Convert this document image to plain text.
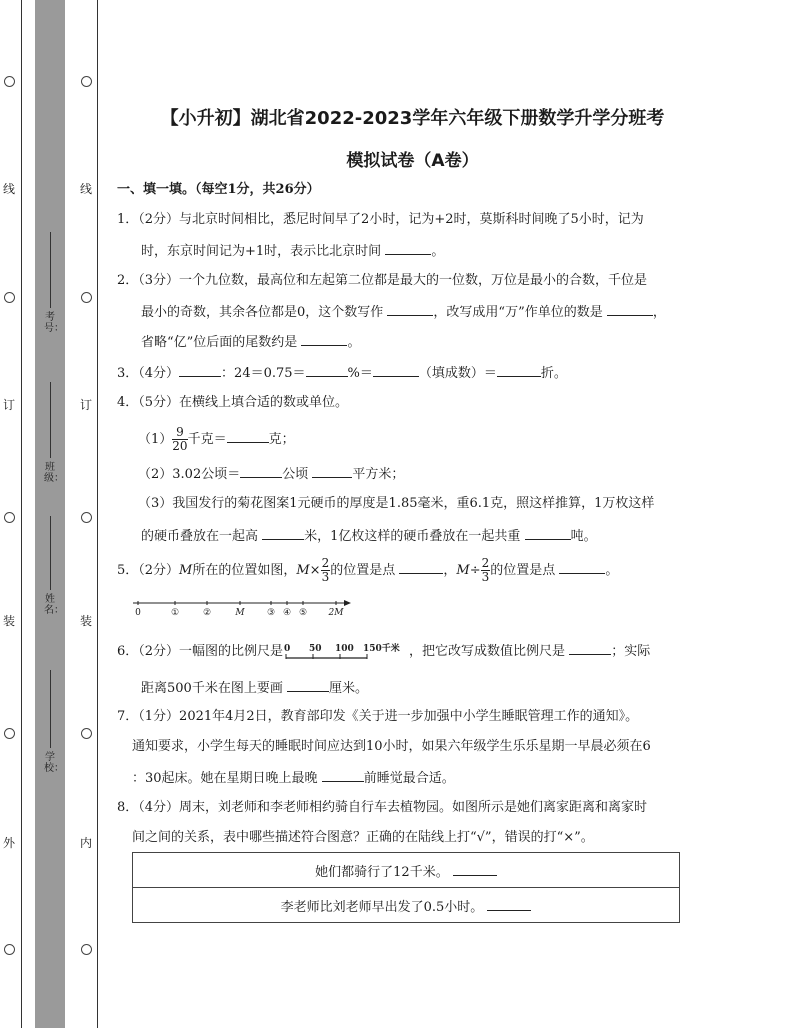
线
订
装
外
线
订
装
内
考号：
班级：
姓名：
学校：
【小升初】湖北省2022-2023学年六年级下册数学升学分班考
模拟试卷（A卷）
一、填一填。（每空1分，共26分）
1．（2分）与北京时间相比，悉尼时间早了2小时，记为+2时，莫斯科时间晚了5小时，记为
时，东京时间记为+1时，表示比北京时间	。
2．（3分）一个九位数，最高位和左起第二位都是最大的一位数，万位是最小的合数，千位是
最小的奇数，其余各位都是0，这个数写作	，改写成用“万”作单位的数是	，
省略“亿”位后面的尾数约是	。
3．（4分）	：24＝0.75＝	%＝	（填成数）＝	折。
4．（5分）在横线上填合适的数或单位。
$(1) \frac{9}{20}$ 千克＝	克；
（2）3.02公顷＝	公顷	平方米；
（3）我国发行的菊花图案1元硬币的厚度是1.85毫米，重6.1克，照这样推算，1万枚这样
的硬币叠放在一起高	米，1亿枚这样的硬币叠放在一起共重	吨。
5．（2分）M所在的位置如图，$M\times \frac{2}{3}$ 的位置是点	，$M\div \frac{2}{3}$ 的位置是点	。
0	①	②	M ③ ④ ⑤ 2M
6．（2分）一幅图的比例尺是 0 50 100 150千米 ，把它改写成数值比例尺是	；实际
距离500千米在图上要画	厘米。
7．（1分）2021年4月2日，教育部印发《关于进一步加强中小学生睡眠管理工作的通知》。
通知要求，小学生每天的睡眠时间应达到10小时，如果六年级学生乐乐星期一早晨必须在6
：30起床。她在星期日晚上最晚	前睡觉最合适。
8．（4分）周末，刘老师和李老师相约骑自行车去植物园。如图所示是她们离家距离和离家时
间之间的关系，表中哪些描述符合图意？正确的在陆线上打“√”，错误的打“×”。
她们都骑行了12千米。
李老师比刘老师早出发了0.5小时。
